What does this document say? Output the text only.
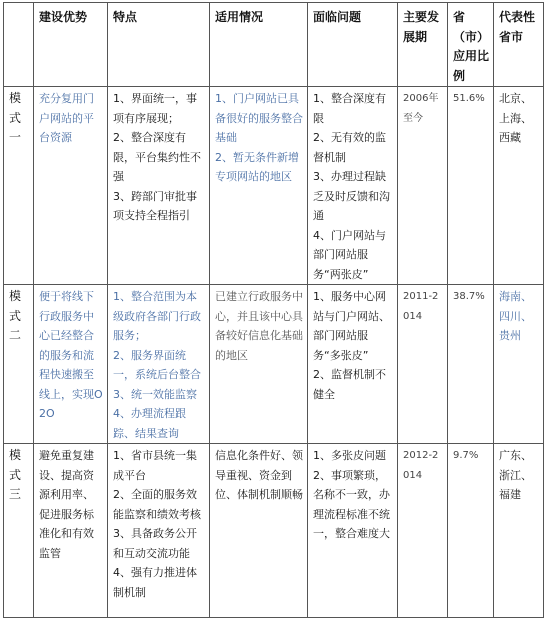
	建设优势	特点	适用情况	面临问题	主要发展期	省（市）应用比例	代表性省市
模式一	充分复用门户网站的平台资源	1、界面统一，事项有序展现；
2、整合深度有限，平台集约性不强
3、跨部门审批事项支持全程指引	1、门户网站已具备很好的服务整合基础
2、暂无条件新增专项网站的地区	1、整合深度有限
2、无有效的监督机制
3、办理过程缺乏及时反馈和沟通
4、门户网站与部门网站服务“两张皮”	2006年至今	51.6%	北京、上海、西藏
模式二	便于将线下行政服务中心已经整合的服务和流程快速搬至线上，实现O2O	1、整合范围为本级政府各部门行政服务；
2、服务界面统一，系统后台整合
3、统一效能监察
4、办理流程跟踪、结果查询	已建立行政服务中心，并且该中心具备较好信息化基础的地区	1、服务中心网站与门户网站、部门网站服务“多张皮”
2、监督机制不健全	2011-2014	38.7%	海南、四川、贵州
模式三	避免重复建设、提高资源利用率、促进服务标准化和有效监管	1、省市县统一集成平台
2、全面的服务效能监察和绩效考核
3、具备政务公开和互动交流功能
4、强有力推进体制机制	信息化条件好、领导重视、资金到位、体制机制顺畅	1、多张皮问题
2、事项繁琐，名称不一致，办理流程标准不统一，整合难度大	2012-2014	9.7%	广东、浙江、福建
